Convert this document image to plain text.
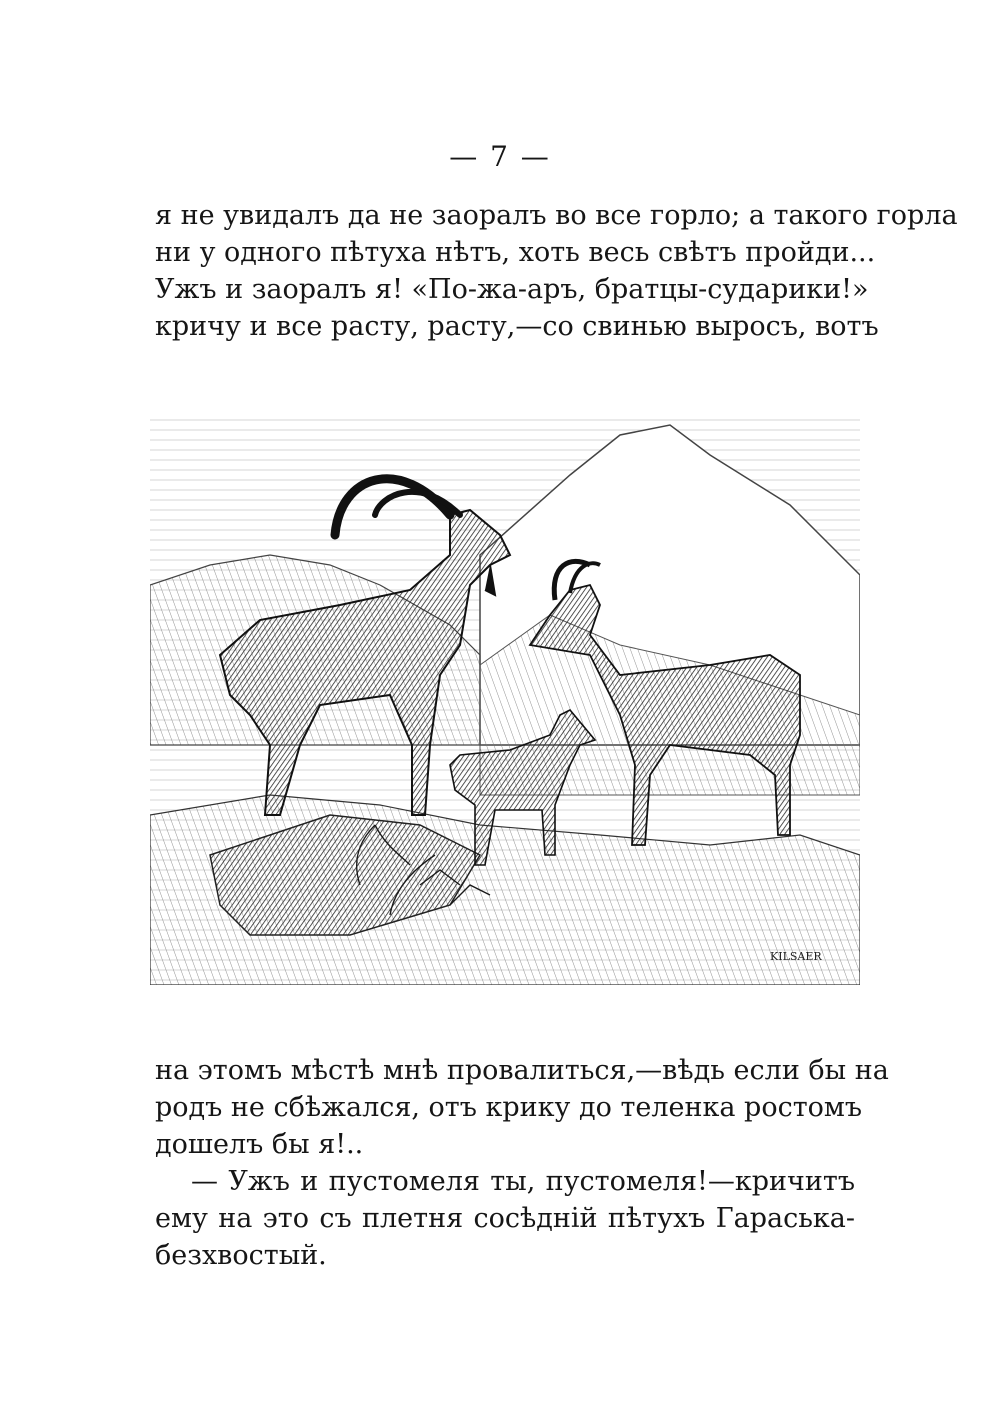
— 7 —
я не увидалъ да не заоралъ во все горло; а такого горла
ни у одного пѣтуха нѣтъ, хоть весь свѣтъ пройди...
Ужъ и заоралъ я! «По-жа-аръ, братцы-сударики!»
кричу и все расту, расту,—со свинью выросъ, вотъ
KILSAER
на этомъ мѣстѣ мнѣ провалиться,—вѣдь если бы на
родъ не сбѣжался, отъ крику до теленка ростомъ
дошелъ бы я!..
— Ужъ и пустомеля ты, пустомеля!—кричитъ
ему на это съ плетня сосѣднiй пѣтухъ Гараська-
безхвостый.
